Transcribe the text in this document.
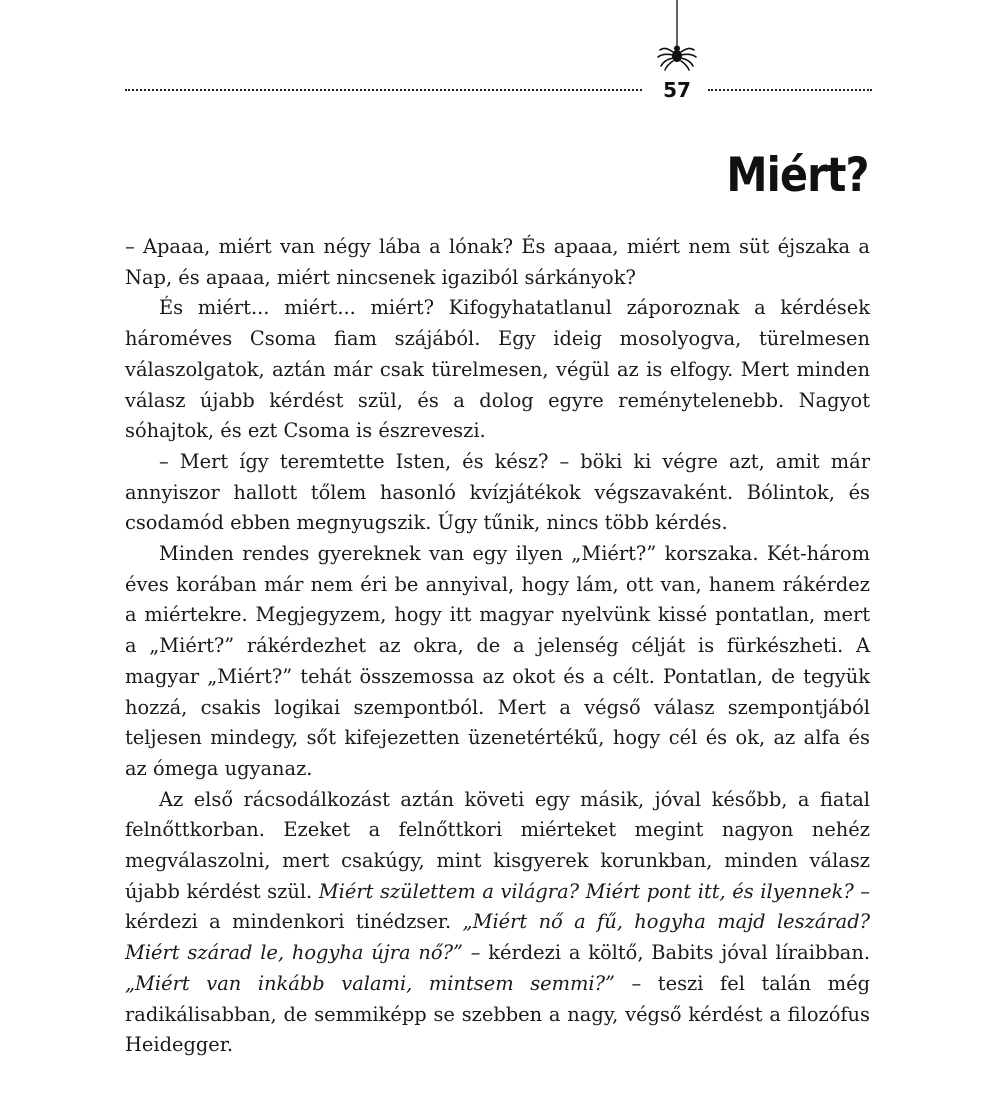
57
Miért?

– Apaaa, miért van négy lába a lónak? És apaaa, miért nem süt éjszaka a Nap, és apaaa, miért nincsenek igaziból sárkányok?

És miért... miért... miért? Kifogyhatatlanul záporoznak a kérdések hároméves Csoma fiam szájából. Egy ideig mosolyogva, türelmesen válaszolgatok, aztán már csak türelmesen, végül az is elfogy. Mert minden válasz újabb kérdést szül, és a dolog egyre reménytelenebb. Nagyot sóhajtok, és ezt Csoma is észreveszi.

– Mert így teremtette Isten, és kész? – böki ki végre azt, amit már annyiszor hallott tőlem hasonló kvízjátékok végszavaként. Bólintok, és csodamód ebben megnyugszik. Úgy tűnik, nincs több kérdés.

Minden rendes gyereknek van egy ilyen „Miért?” korszaka. Két-három éves korában már nem éri be annyival, hogy lám, ott van, hanem rákérdez a miértekre. Megjegyzem, hogy itt magyar nyelvünk kissé pontatlan, mert a „Miért?” rákérdezhet az okra, de a jelenség célját is fürkészheti. A magyar „Miért?” tehát összemossa az okot és a célt. Pontatlan, de tegyük hozzá, csakis logikai szempontból. Mert a végső válasz szempontjából teljesen mindegy, sőt kifejezetten üzenetértékű, hogy cél és ok, az alfa és az ómega ugyanaz.

Az első rácsodálkozást aztán követi egy másik, jóval később, a fiatal felnőttkorban. Ezeket a felnőttkori miérteket megint nagyon nehéz megválaszolni, mert csakúgy, mint kisgyerek korunkban, minden válasz újabb kérdést szül. Miért születtem a világra? Miért pont itt, és ilyennek? – kérdezi a mindenkori tinédzser. „Miért nő a fű, hogyha majd leszárad? Miért szárad le, hogyha újra nő?” – kérdezi a költő, Babits jóval líraibban. „Miért van inkább valami, mintsem semmi?” – teszi fel talán még radikálisabban, de semmiképp se szebben a nagy, végső kérdést a filozófus Heidegger.
